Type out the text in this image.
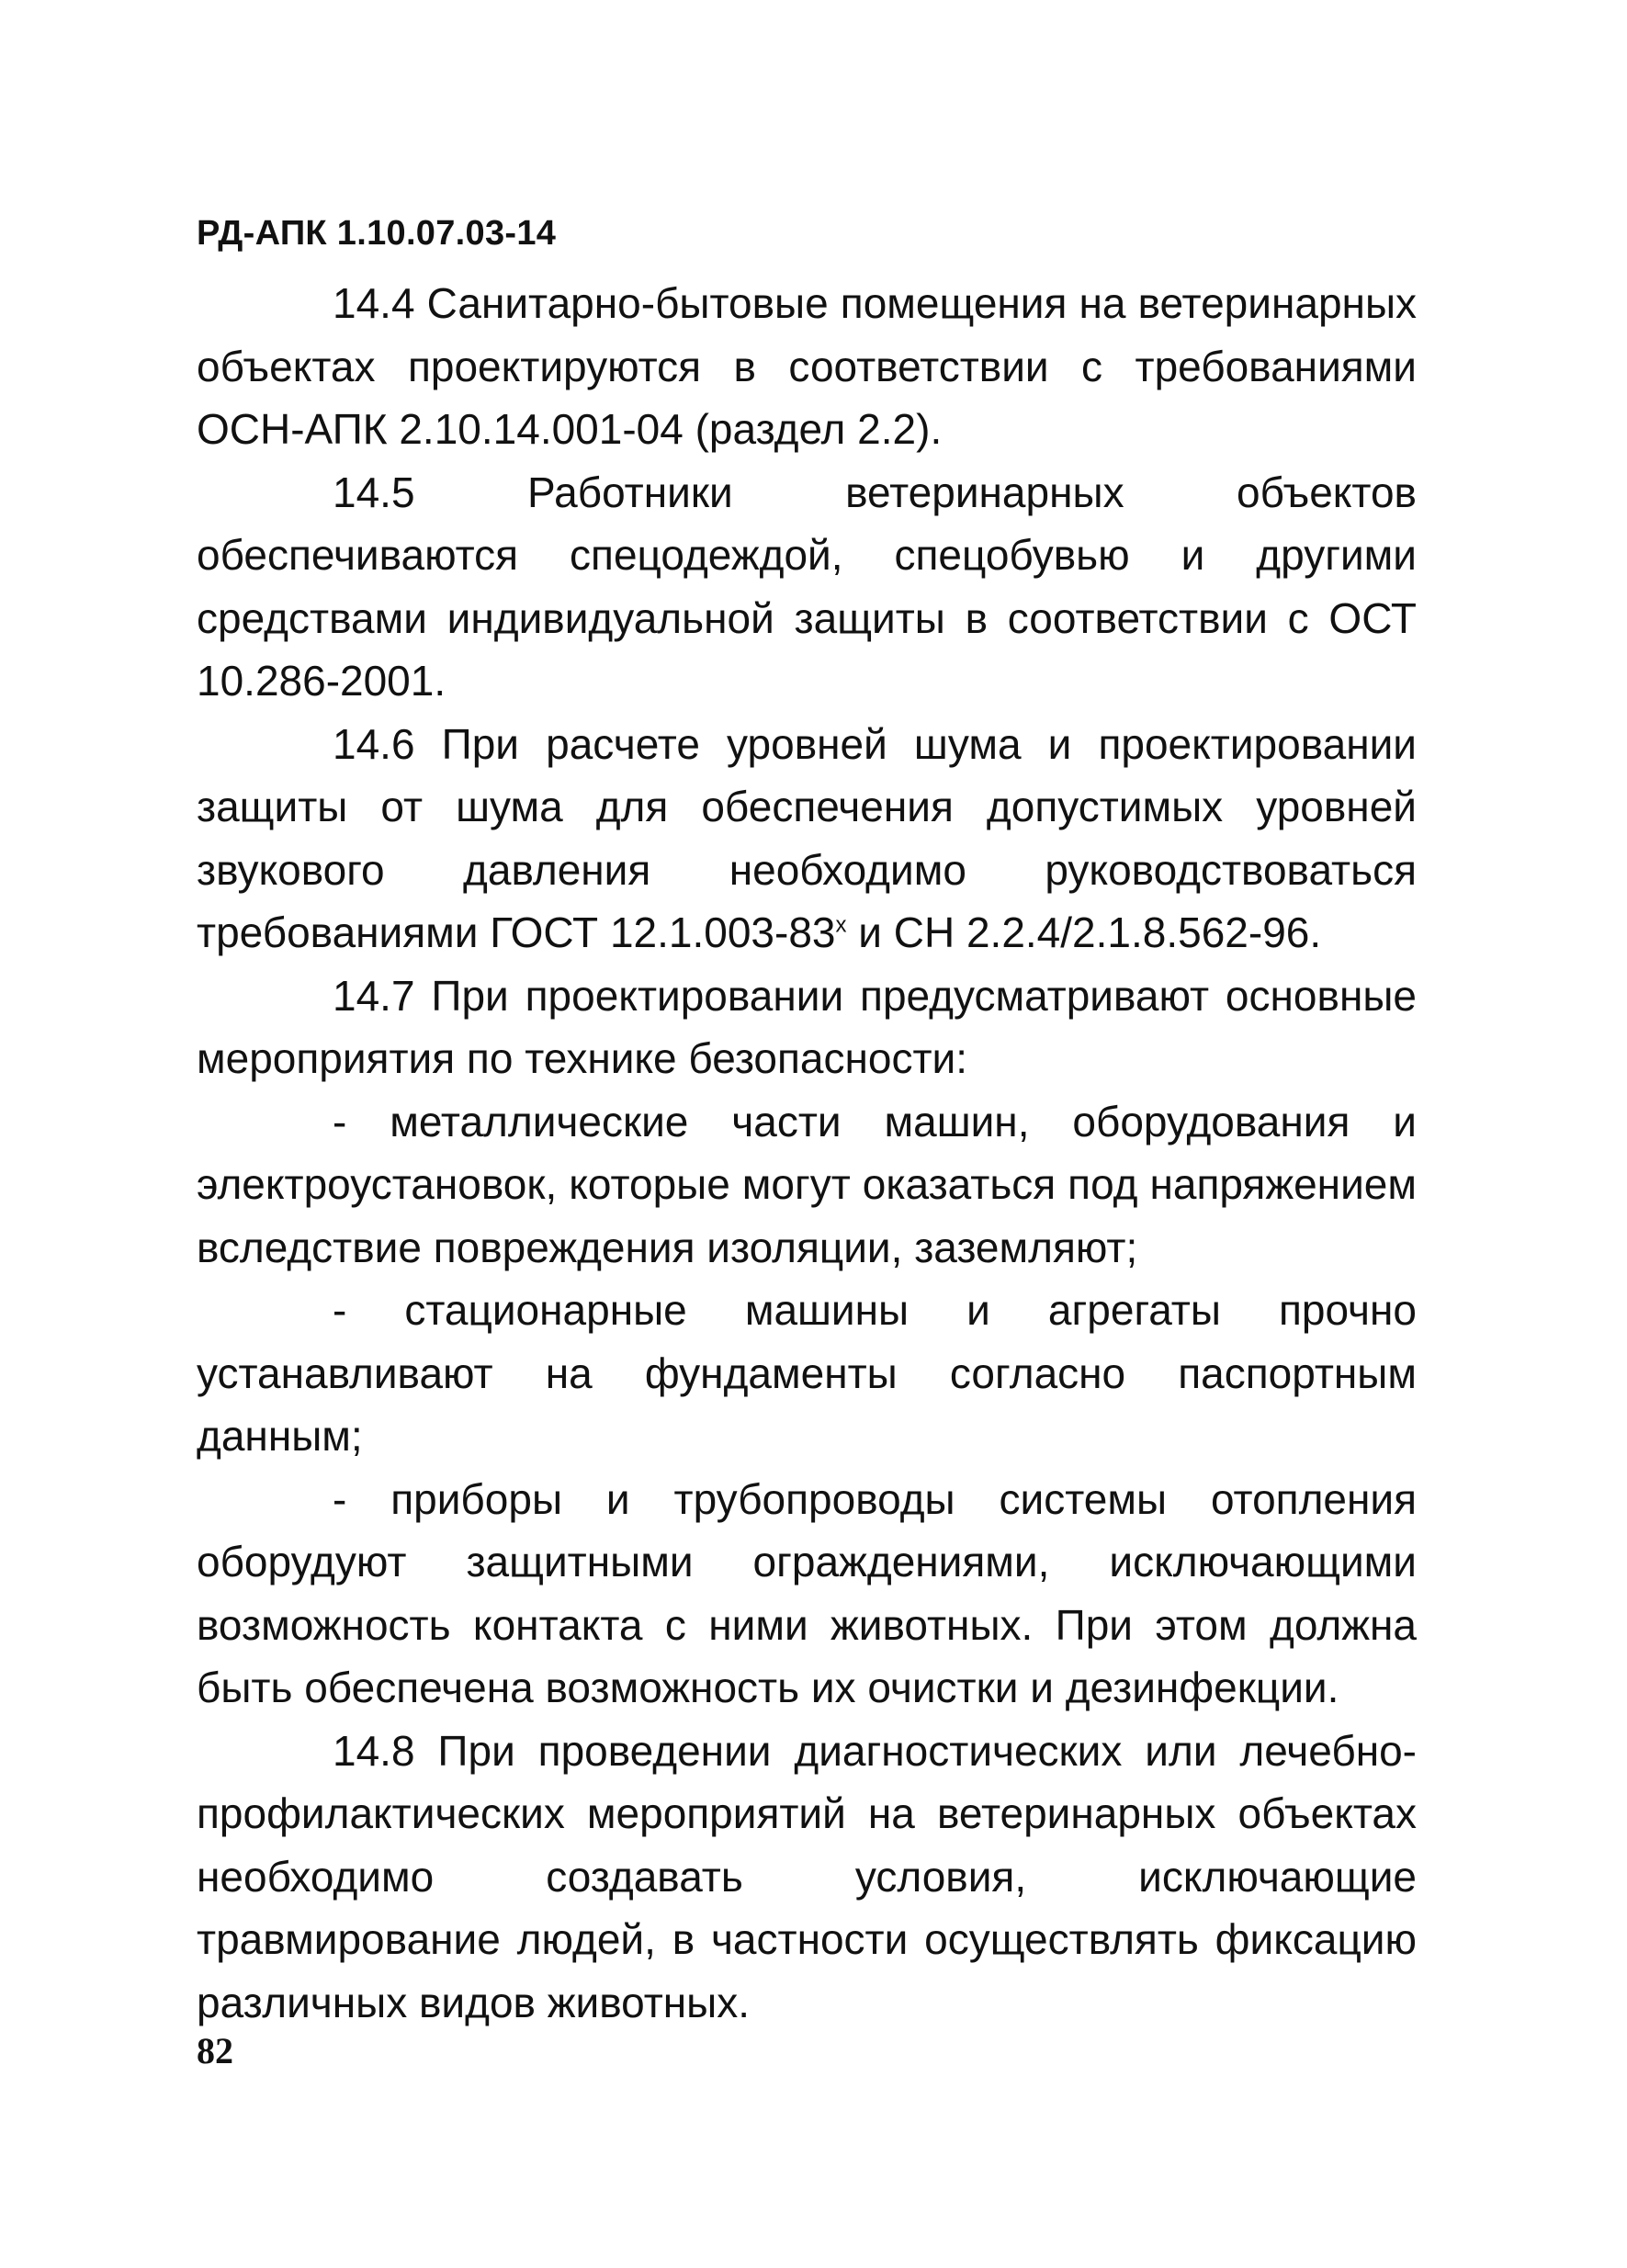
РД-АПК 1.10.07.03-14

14.4 Санитарно-бытовые помещения на ветеринарных объектах проектируются в соответствии с требованиями ОСН-АПК 2.10.14.001-04 (раздел 2.2).

14.5 Работники ветеринарных объектов обеспечиваются спецодеждой, спецобувью и другими средствами индивидуальной защиты в соответствии с ОСТ 10.286-2001.

14.6 При расчете уровней шума и проектировании защиты от шума для обеспечения допустимых уровней звукового давления необходимо руководствоваться требованиями ГОСТ $12.1.003-83^х$ и СН 2.2.4/2.1.8.562-96.

14.7 При проектировании предусматривают основные мероприятия по технике безопасности:

- металлические части машин, оборудования и электроустановок, которые могут оказаться под напряжением вследствие повреждения изоляции, заземляют;

- стационарные машины и агрегаты прочно устанавливают на фундаменты согласно паспортным данным;

- приборы и трубопроводы системы отопления оборудуют защитными ограждениями, исключающими возможность контакта с ними животных. При этом должна быть обеспечена возможность их очистки и дезинфекции.

14.8 При проведении диагностических или лечебно-профилактических мероприятий на ветеринарных объектах необходимо создавать условия, исключающие травмирование людей, в частности осуществлять фиксацию различных видов животных.

82
